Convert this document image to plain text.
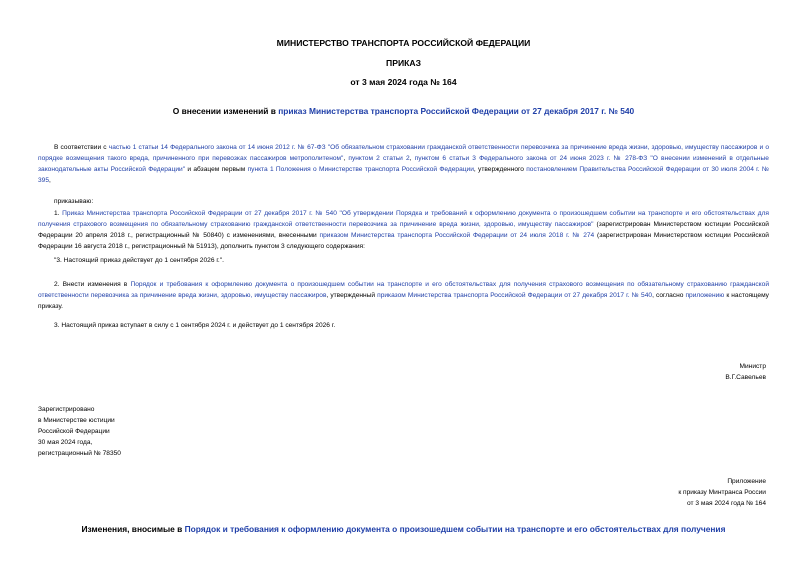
МИНИСТЕРСТВО ТРАНСПОРТА РОССИЙСКОЙ ФЕДЕРАЦИИ
ПРИКАЗ
от 3 мая 2024 года № 164
О внесении изменений в приказ Министерства транспорта Российской Федерации от 27 декабря 2017 г. № 540
В соответствии с частью 1 статьи 14 Федерального закона от 14 июня 2012 г. № 67-ФЗ "Об обязательном страховании гражданской ответственности перевозчика за причинение вреда жизни, здоровью, имуществу пассажиров и о порядке возмещения такого вреда, причиненного при перевозках пассажиров метрополитеном", пунктом 2 статьи 2, пунктом 6 статьи 3 Федерального закона от 24 июня 2023 г. № 278-ФЗ "О внесении изменений в отдельные законодательные акты Российской Федерации" и абзацем первым пункта 1 Положения о Министерстве транспорта Российской Федерации, утвержденного постановлением Правительства Российской Федерации от 30 июля 2004 г. № 395,
приказываю:
1. Приказ Министерства транспорта Российской Федерации от 27 декабря 2017 г. № 540 "Об утверждении Порядка и требований к оформлению документа о произошедшем событии на транспорте и его обстоятельствах для получения страхового возмещения по обязательному страхованию гражданской ответственности перевозчика за причинение вреда жизни, здоровью, имуществу пассажиров" (зарегистрирован Министерством юстиции Российской Федерации 20 апреля 2018 г., регистрационный № 50840) с изменениями, внесенными приказом Министерства транспорта Российской Федерации от 24 июля 2018 г. № 274 (зарегистрирован Министерством юстиции Российской Федерации 16 августа 2018 г., регистрационный № 51913), дополнить пунктом 3 следующего содержания:
"3. Настоящий приказ действует до 1 сентября 2026 г.".
2. Внести изменения в Порядок и требования к оформлению документа о произошедшем событии на транспорте и его обстоятельствах для получения страхового возмещения по обязательному страхованию гражданской ответственности перевозчика за причинение вреда жизни, здоровью, имуществу пассажиров, утвержденный приказом Министерства транспорта Российской Федерации от 27 декабря 2017 г. № 540, согласно приложению к настоящему приказу.
3. Настоящий приказ вступает в силу с 1 сентября 2024 г. и действует до 1 сентября 2026 г.
Министр
В.Г.Савельев
Зарегистрировано
в Министерстве юстиции
Российской Федерации
30 мая 2024 года,
регистрационный № 78350
Приложение
к приказу Минтранса России
от 3 мая 2024 года № 164
Изменения, вносимые в Порядок и требования к оформлению документа о произошедшем событии на транспорте и его обстоятельствах для получения
